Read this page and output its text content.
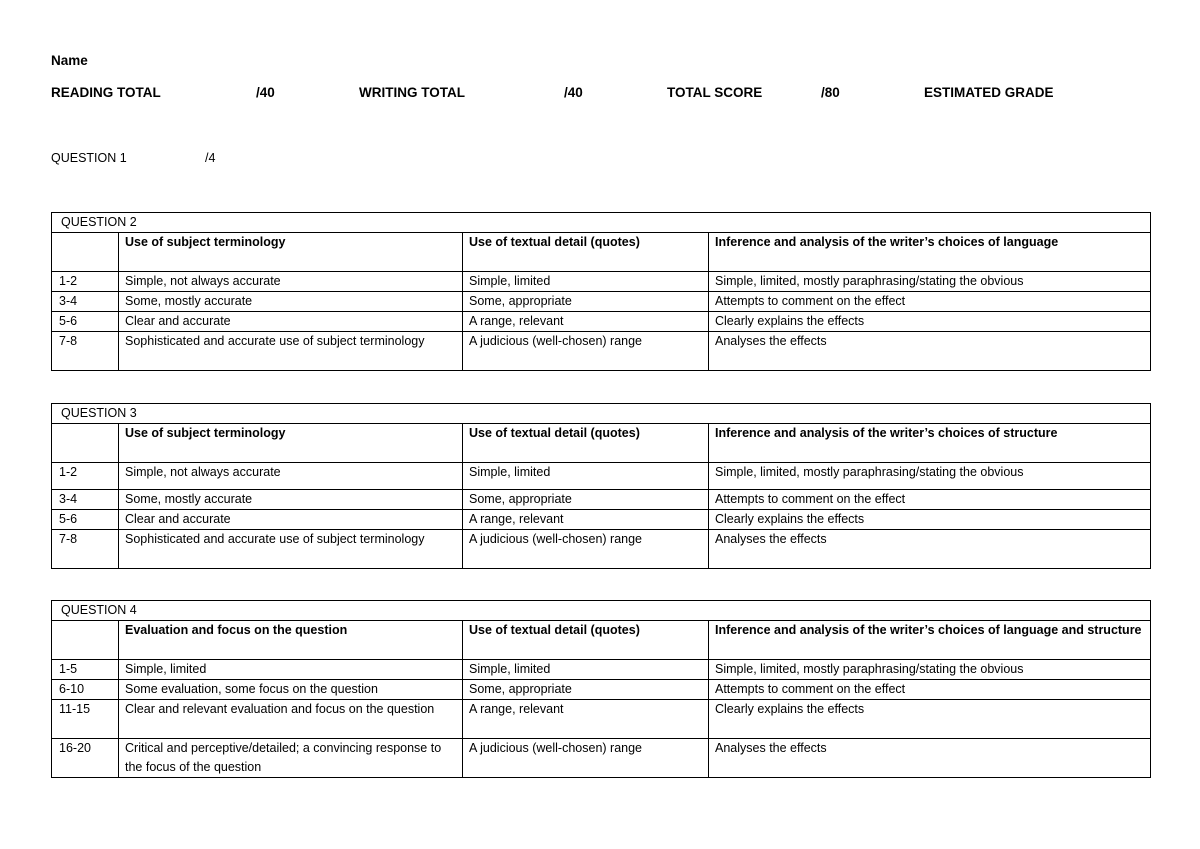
Name
READING TOTAL	/40	WRITING TOTAL	/40	TOTAL SCORE	/80	ESTIMATED GRADE
QUESTION 1	/4
QUESTION 2			
	Use of subject terminology	Use of textual detail (quotes)	Inference and analysis of the writer’s choices of language
1-2	Simple, not always accurate	Simple, limited	Simple, limited, mostly paraphrasing/stating the obvious
3-4	Some, mostly accurate	Some, appropriate	Attempts to comment on the effect
5-6	Clear and accurate	A range, relevant	Clearly explains the effects
7-8	Sophisticated and accurate use of subject terminology	A judicious (well-chosen) range	Analyses the effects
QUESTION 3			
	Use of subject terminology	Use of textual detail (quotes)	Inference and analysis of the writer’s choices of structure
1-2	Simple, not always accurate	Simple, limited	Simple, limited, mostly paraphrasing/stating the obvious
3-4	Some, mostly accurate	Some, appropriate	Attempts to comment on the effect
5-6	Clear and accurate	A range, relevant	Clearly explains the effects
7-8	Sophisticated and accurate use of subject terminology	A judicious (well-chosen) range	Analyses the effects
QUESTION 4			
	Evaluation and focus on the question	Use of textual detail (quotes)	Inference and analysis of the writer’s choices of language and structure
1-5	Simple, limited	Simple, limited	Simple, limited, mostly paraphrasing/stating the obvious
6-10	Some evaluation, some focus on the question	Some, appropriate	Attempts to comment on the effect
11-15	Clear and relevant evaluation and focus on the question	A range, relevant	Clearly explains the effects
16-20	Critical and perceptive/detailed; a convincing response to the focus of the question	A judicious (well-chosen) range	Analyses the effects
